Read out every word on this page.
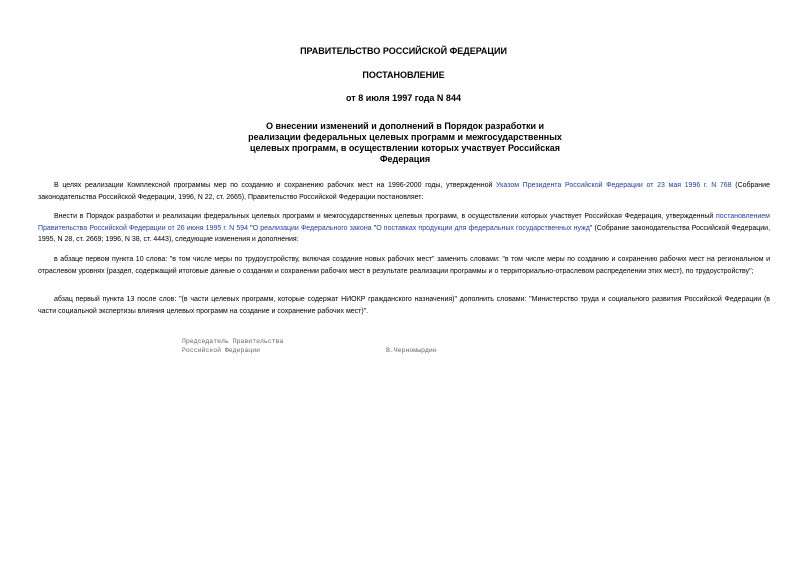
ПРАВИТЕЛЬСТВО РОССИЙСКОЙ ФЕДЕРАЦИИ
ПОСТАНОВЛЕНИЕ
от 8 июля 1997 года N 844
О внесении изменений и дополнений в Порядок разработки и реализации федеральных целевых программ и межгосударственных целевых программ, в осуществлении которых участвует Российская Федерация

В целях реализации Комплексной программы мер по созданию и сохранению рабочих мест на 1996-2000 годы, утвержденной Указом Президента Российской Федерации от 23 мая 1996 г. N 768 (Собрание законодательства Российской Федерации, 1996, N 22, ст. 2665), Правительство Российской Федерации постановляет:

Внести в Порядок разработки и реализации федеральных целевых программ и межгосударственных целевых программ, в осуществлении которых участвует Российская Федерация, утвержденный постановлением Правительства Российской Федерации от 26 июня 1995 г. N 594 "О реализации Федерального закона "О поставках продукции для федеральных государственных нужд" (Собрание законодательства Российской Федерации, 1995, N 28, ст. 2669; 1996, N 38, ст. 4443), следующие изменения и дополнения:

в абзаце первом пункта 10 слова: "в том числе меры по трудоустройству, включая создание новых рабочих мест" заменить словами: "в том числе меры по созданию и сохранению рабочих мест на региональном и отраслевом уровнях (раздел, содержащий итоговые данные о создании и сохранении рабочих мест в результате реализации программы и о территориально-отраслевом распределении этих мест), по трудоустройству";

абзац первый пункта 13 после слов: "(в части целевых программ, которые содержат НИОКР гражданского назначения)" дополнить словами: "Министерство труда и социального развития Российской Федерации (в части социальной экспертизы влияния целевых программ на создание и сохранение рабочих мест)".

Председатель Правительства
Российской Федерации	В.Черномырдин
